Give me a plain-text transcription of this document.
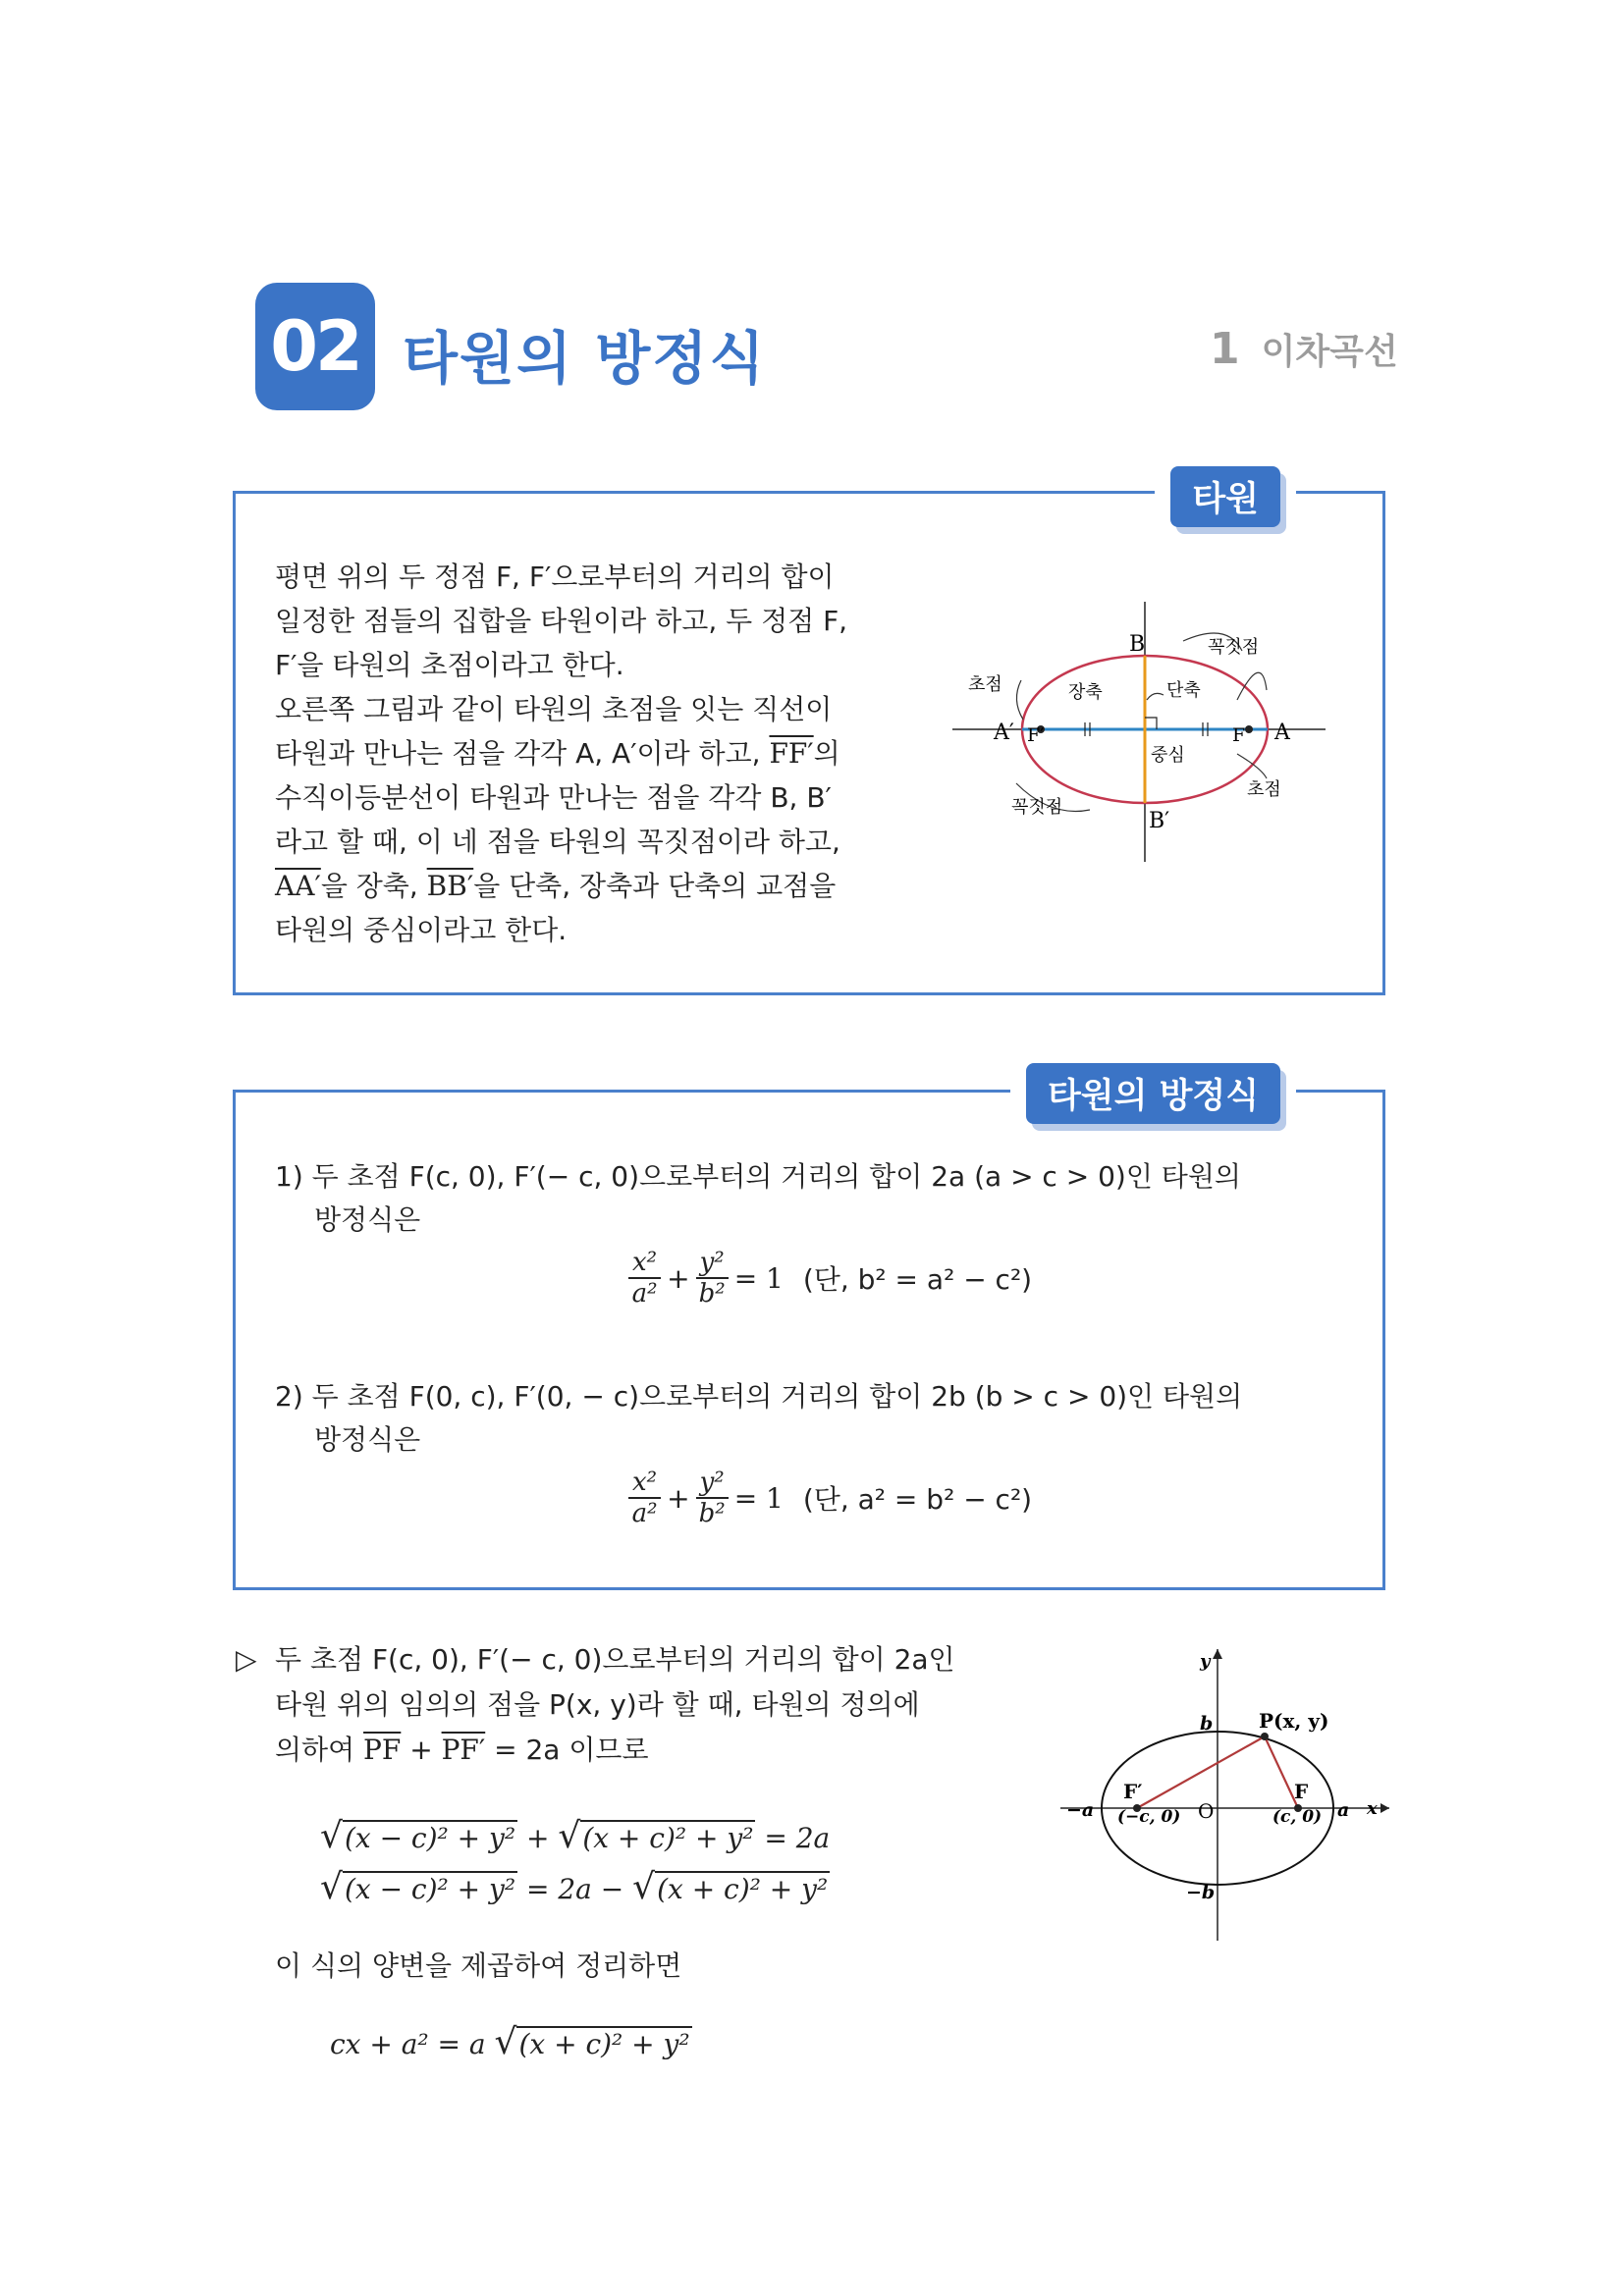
02 타원의 방정식	1 이차곡선
타원
평면 위의 두 정점 F, F′으로부터의 거리의 합이
일정한 점들의 집합을 타원이라 하고, 두 정점 F,
F′을 타원의 초점이라고 한다.
오른쪽 그림과 같이 타원의 초점을 잇는 직선이
타원과 만나는 점을 각각 A, A′이라 하고, FF′의
수직이등분선이 타원과 만나는 점을 각각 B, B′
라고 할 때, 이 네 점을 타원의 꼭짓점이라 하고,
AA′을 장축, BB′을 단축, 장축과 단축의 교점을
타원의 중심이라고 한다.
B
B′
A
A′	F
F′
초점
초점
꼭짓점
꼭짓점
장축	단축
중심
타원의 방정식
1) 두 초점 F(c, 0), F′(− c, 0)으로부터의 거리의 합이 2a (a > c > 0)인 타원의
방정식은
$\frac{\text{x²}}{\text{a²}} + \frac{\text{y²}}{\text{b²}} = 1$ (단, b² = a² − c²)
2) 두 초점 F(0, c), F′(0, − c)으로부터의 거리의 합이 2b (b > c > 0)인 타원의
방정식은
$\frac{\text{x²}}{\text{a²}} + \frac{\text{y²}}{\text{b²}} = 1$ (단, a² = b² − c²)
▷ 두 초점 F(c, 0), F′(− c, 0)으로부터의 거리의 합이 2a인
타원 위의 임의의 점을 P(x, y)라 할 때, 타원의 정의에
의하여 $\overline{PF} + PF' = 2a$ 이므로
√(x − c)² + y² + √(x + c)² + y² = 2a
√(x − c)² + y² = 2a − √(x + c)² + y²
이 식의 양변을 제곱하여 정리하면
cx + a² = a √(x + c)² + y²
y
x
b
−b
−a	a
O
P(x, y)
F
F′
(c, 0)
(−c, 0)
